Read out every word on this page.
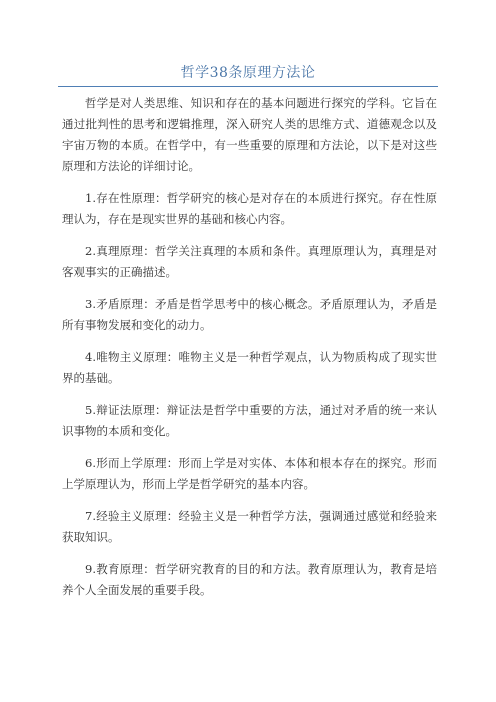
哲学38条原理方法论

哲学是对人类思维、知识和存在的基本问题进行探究的学科。它旨在通过批判性的思考和逻辑推理，深入研究人类的思维方式、道德观念以及宇宙万物的本质。在哲学中，有一些重要的原理和方法论，以下是对这些原理和方法论的详细讨论。

1.存在性原理：哲学研究的核心是对存在的本质进行探究。存在性原理认为，存在是现实世界的基础和核心内容。

2.真理原理：哲学关注真理的本质和条件。真理原理认为，真理是对客观事实的正确描述。

3.矛盾原理：矛盾是哲学思考中的核心概念。矛盾原理认为，矛盾是所有事物发展和变化的动力。

4.唯物主义原理：唯物主义是一种哲学观点，认为物质构成了现实世界的基础。

5.辩证法原理：辩证法是哲学中重要的方法，通过对矛盾的统一来认识事物的本质和变化。

6.形而上学原理：形而上学是对实体、本体和根本存在的探究。形而上学原理认为，形而上学是哲学研究的基本内容。

7.经验主义原理：经验主义是一种哲学方法，强调通过感觉和经验来获取知识。

9.教育原理：哲学研究教育的目的和方法。教育原理认为，教育是培养个人全面发展的重要手段。
